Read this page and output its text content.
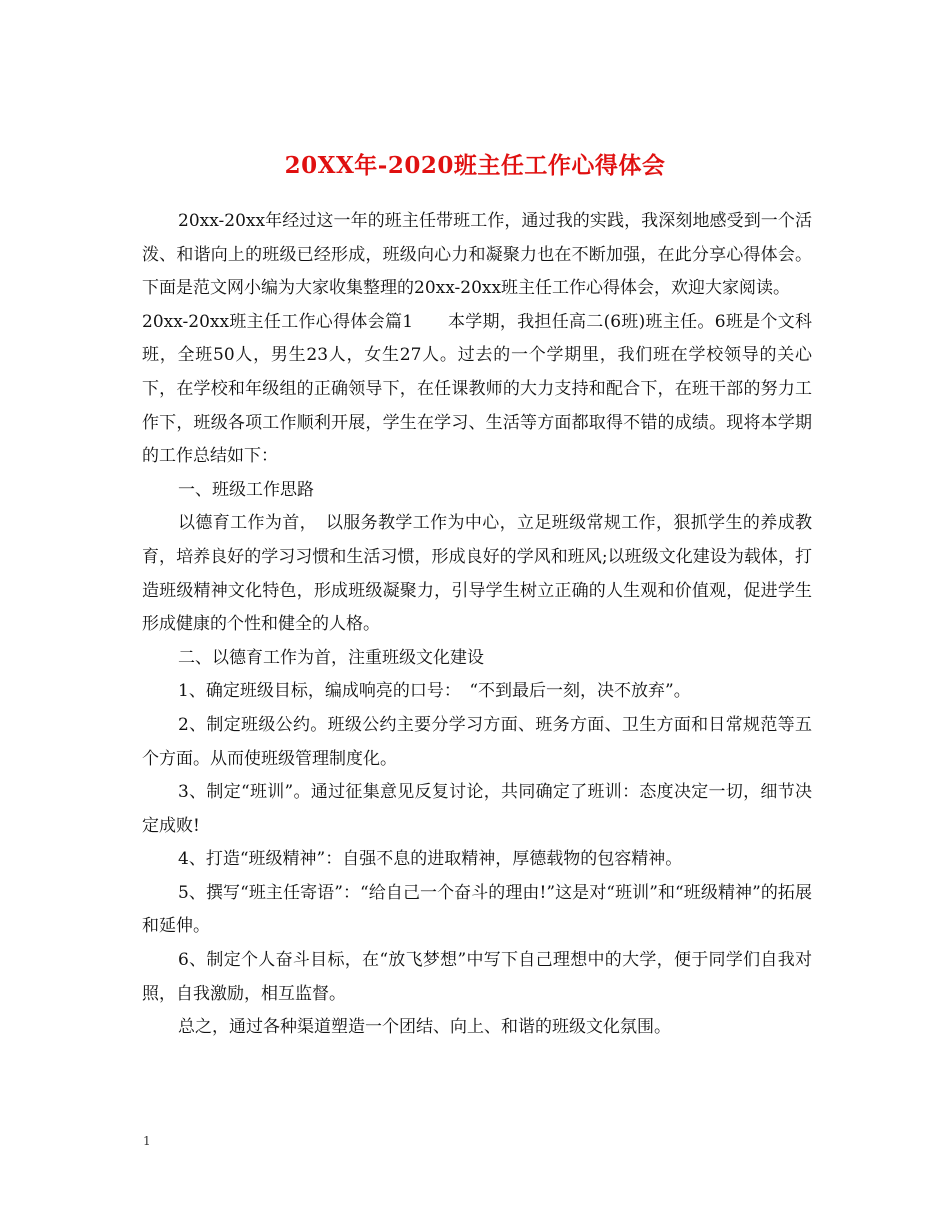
20XX年-2020班主任工作心得体会

20xx-20xx年经过这一年的班主任带班工作，通过我的实践，我深刻地感受到一个活泼、和谐向上的班级已经形成，班级向心力和凝聚力也在不断加强，在此分享心得体会。下面是范文网小编为大家收集整理的20xx-20xx班主任工作心得体会，欢迎大家阅读。

20xx-20xx班主任工作心得体会篇1　　本学期，我担任高二(6班)班主任。6班是个文科班，全班50人，男生23人，女生27人。过去的一个学期里，我们班在学校领导的关心下，在学校和年级组的正确领导下，在任课教师的大力支持和配合下，在班干部的努力工作下，班级各项工作顺利开展，学生在学习、生活等方面都取得不错的成绩。现将本学期的工作总结如下：

一、班级工作思路

以德育工作为首，　以服务教学工作为中心，立足班级常规工作，狠抓学生的养成教育，培养良好的学习习惯和生活习惯，形成良好的学风和班风;以班级文化建设为载体，打造班级精神文化特色，形成班级凝聚力，引导学生树立正确的人生观和价值观，促进学生形成健康的个性和健全的人格。

二、以德育工作为首，注重班级文化建设

1、确定班级目标，编成响亮的口号：　“不到最后一刻，决不放弃”。

2、制定班级公约。班级公约主要分学习方面、班务方面、卫生方面和日常规范等五个方面。从而使班级管理制度化。

3、制定“班训”。通过征集意见反复讨论，共同确定了班训：态度决定一切，细节决定成败!

4、打造“班级精神”：自强不息的进取精神，厚德载物的包容精神。

5、撰写“班主任寄语”：“给自己一个奋斗的理由!”这是对“班训”和“班级精神”的拓展和延伸。

6、制定个人奋斗目标，在“放飞梦想”中写下自己理想中的大学，便于同学们自我对照，自我激励，相互监督。

总之，通过各种渠道塑造一个团结、向上、和谐的班级文化氛围。

1
